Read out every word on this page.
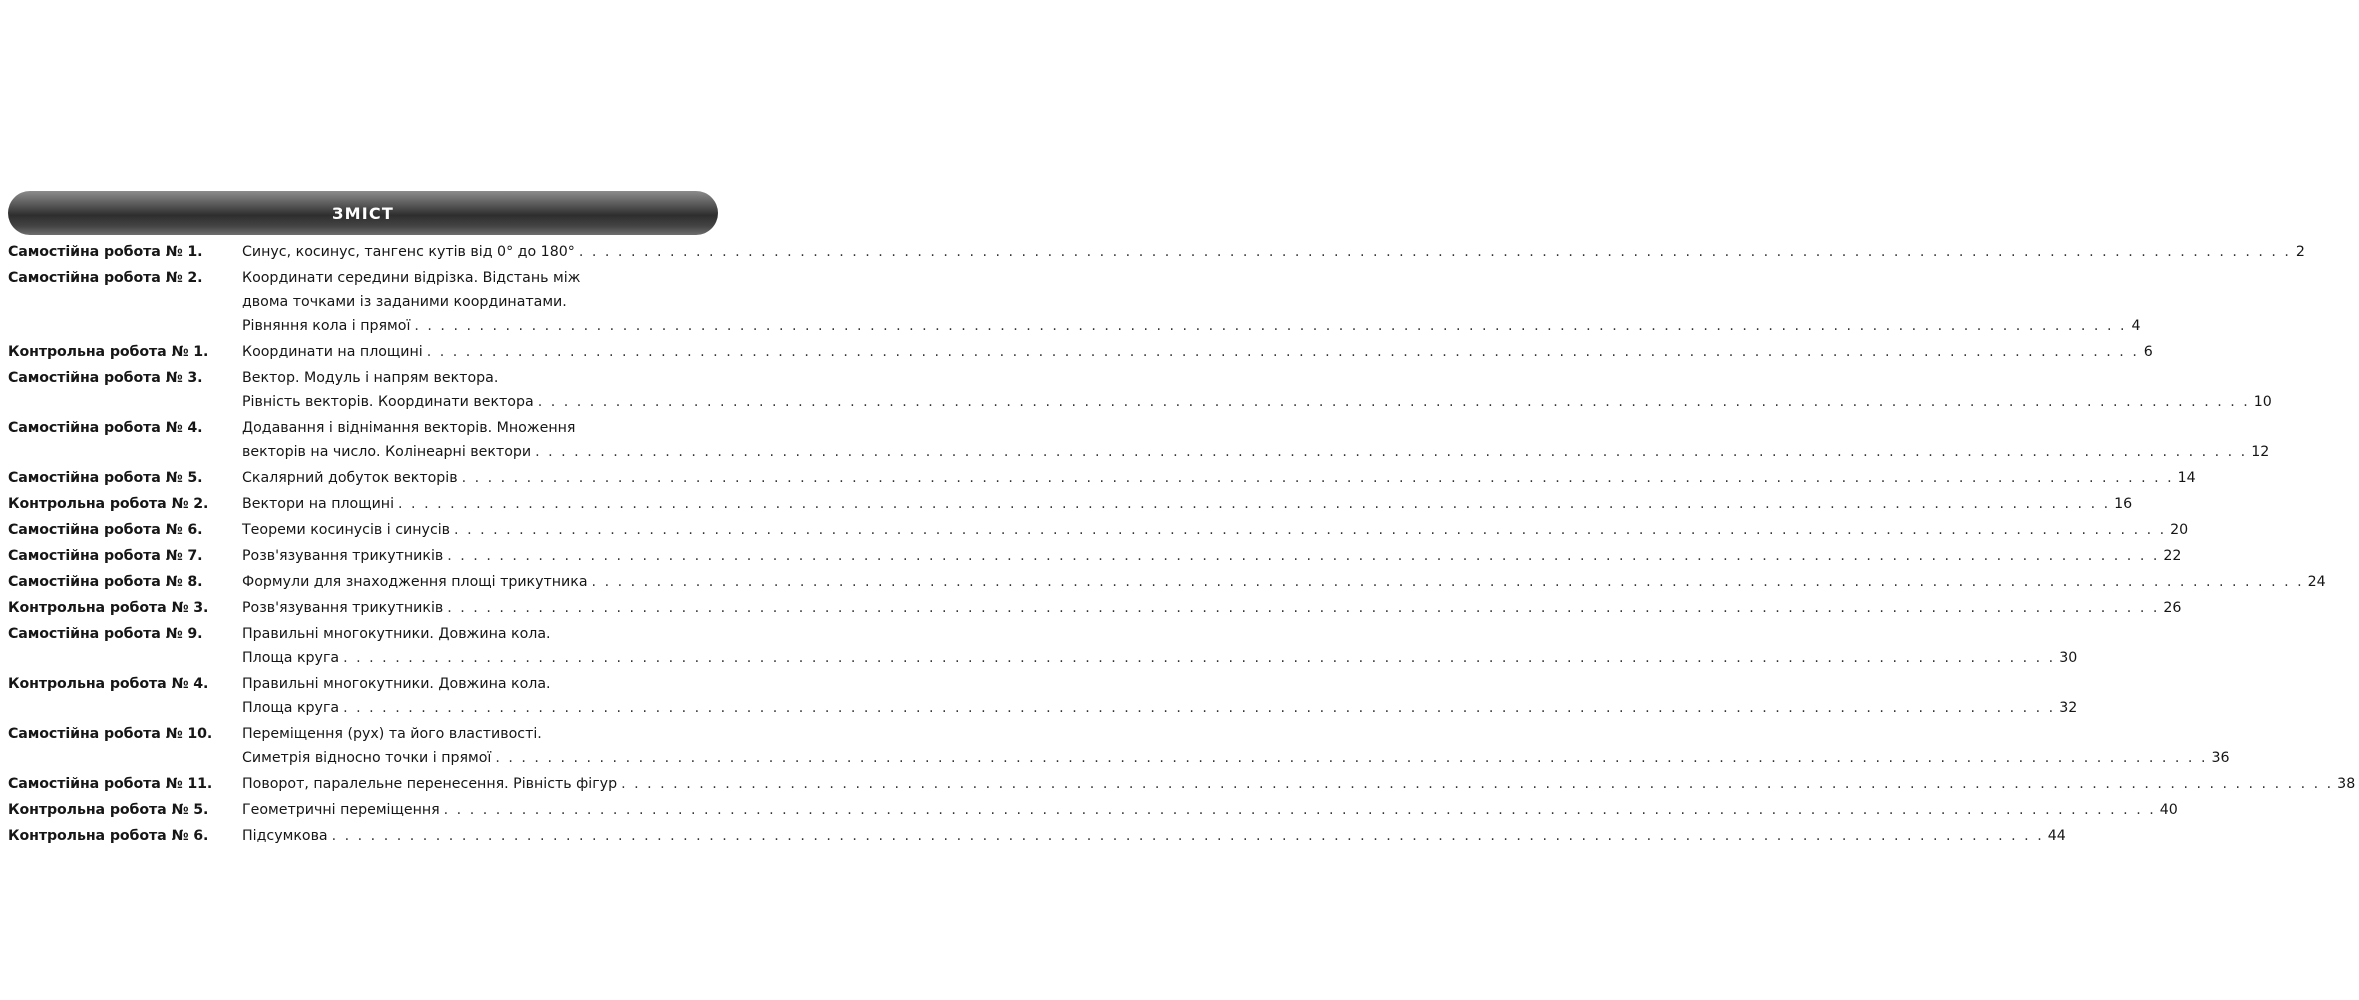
ЗМІСТ
Самостійна робота № 1.	Синус, косинус, тангенс кутів від 0° до 180° . . .	2
Самостійна робота № 2.	Координати середини відрізка. Відстань між
двома точками із заданими координатами.
Рівняння кола і прямої . . .	4
Контрольна робота № 1.	Координати на площині . . .	6
Самостійна робота № 3.	Вектор. Модуль і напрям вектора.
Рівність векторів. Координати вектора . . .	10
Самостійна робота № 4.	Додавання і віднімання векторів. Множення
векторів на число. Колінеарні вектори . . .	12
Самостійна робота № 5.	Скалярний добуток векторів . . .	14
Контрольна робота № 2.	Вектори на площині . . .	16
Самостійна робота № 6.	Теореми косинусів і синусів . . .	20
Самостійна робота № 7.	Розв'язування трикутників . . .	22
Самостійна робота № 8.	Формули для знаходження площі трикутника . . .	24
Контрольна робота № 3.	Розв'язування трикутників . . .	26
Самостійна робота № 9.	Правильні многокутники. Довжина кола.
Площа круга . . .	30
Контрольна робота № 4.	Правильні многокутники. Довжина кола.
Площа круга . . .	32
Самостійна робота № 10.	Переміщення (рух) та його властивості.
Симетрія відносно точки і прямої . . .	36
Самостійна робота № 11.	Поворот, паралельне перенесення. Рівність фігур . . .	38
Контрольна робота № 5.	Геометричні переміщення . . .	40
Контрольна робота № 6.	Підсумкова . . .	44
